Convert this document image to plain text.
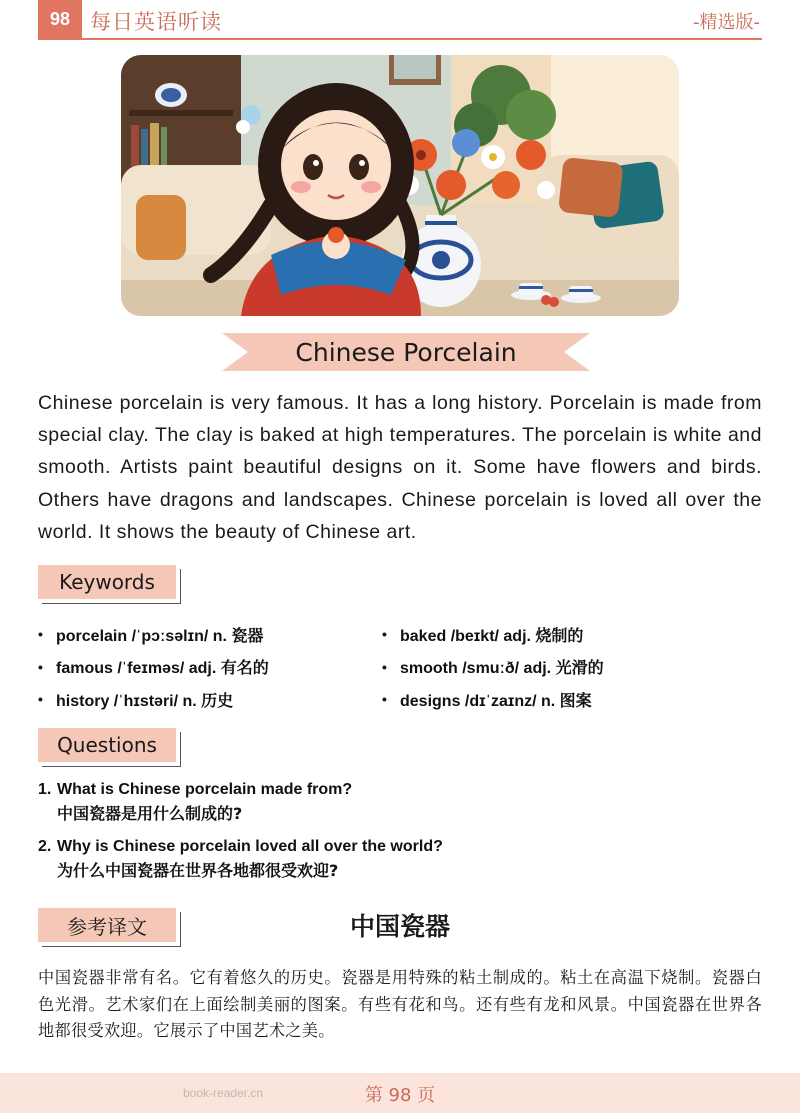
98 每日英语听读	-精选版-
Chinese Porcelain
Chinese porcelain is very famous. It has a long history. Porcelain is made from special clay. The clay is baked at high temperatures. The porcelain is white and smooth. Artists paint beautiful designs on it. Some have flowers and birds. Others have dragons and landscapes. Chinese porcelain is loved all over the world. It shows the beauty of Chinese art.
Keywords
• porcelain /ˈpɔːsəlɪn/ n. 瓷器
• famous /ˈfeɪməs/ adj. 有名的
• history /ˈhɪstəri/ n. 历史
• baked /beɪkt/ adj. 烧制的
• smooth /smuːð/ adj. 光滑的
• designs /dɪˈzaɪnz/ n. 图案
Questions
1. What is Chinese porcelain made from?
中国瓷器是用什么制成的?
2. Why is Chinese porcelain loved all over the world?
为什么中国瓷器在世界各地都很受欢迎?
参考译文	中国瓷器
中国瓷器非常有名。它有着悠久的历史。瓷器是用特殊的粘土制成的。粘土在高温下烧制。瓷器白色光滑。艺术家们在上面绘制美丽的图案。有些有花和鸟。还有些有龙和风景。中国瓷器在世界各地都很受欢迎。它展示了中国艺术之美。
book-reader.cn	第 98 页
